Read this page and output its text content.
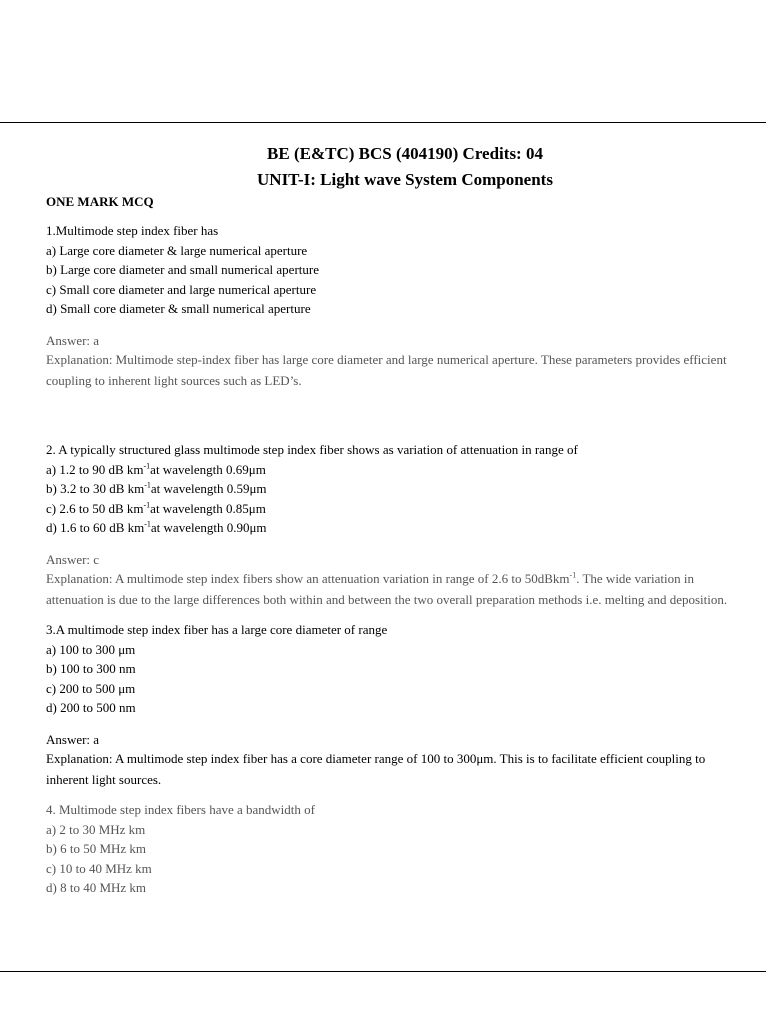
BE (E&TC) BCS (404190) Credits: 04

UNIT-I: Light wave System Components

ONE MARK MCQ

1.Multimode step index fiber has
a) Large core diameter & large numerical aperture
b) Large core diameter and small numerical aperture
c) Small core diameter and large numerical aperture
d) Small core diameter & small numerical aperture
Answer: a
Explanation: Multimode step-index fiber has large core diameter and large numerical aperture. These parameters provides efficient coupling to inherent light sources such as LED’s.
2. A typically structured glass multimode step index fiber shows as variation of attenuation in range of
a) 1.2 to 90 dB $km^{-1}at$ wavelength 0.69μm
b) 3.2 to 30 dB $km^{-1}at$ wavelength 0.59μm
c) 2.6 to 50 dB $km^{-1}at$ wavelength 0.85μm
d) 1.6 to 60 dB $km^{-1}at$ wavelength 0.90μm
Answer: c
Explanation: A multimode step index fibers show an attenuation variation in range of 2.6 to 50dBkm$^{-1}$. The wide variation in attenuation is due to the large differences both within and between the two overall preparation methods i.e. melting and deposition.
3.A multimode step index fiber has a large core diameter of range
a) 100 to 300 μm
b) 100 to 300 nm
c) 200 to 500 μm
d) 200 to 500 nm
Answer: a
Explanation: A multimode step index fiber has a core diameter range of 100 to 300μm. This is to facilitate efficient coupling to inherent light sources.
4. Multimode step index fibers have a bandwidth of
a) 2 to 30 MHz km
b) 6 to 50 MHz km
c) 10 to 40 MHz km
d) 8 to 40 MHz km
